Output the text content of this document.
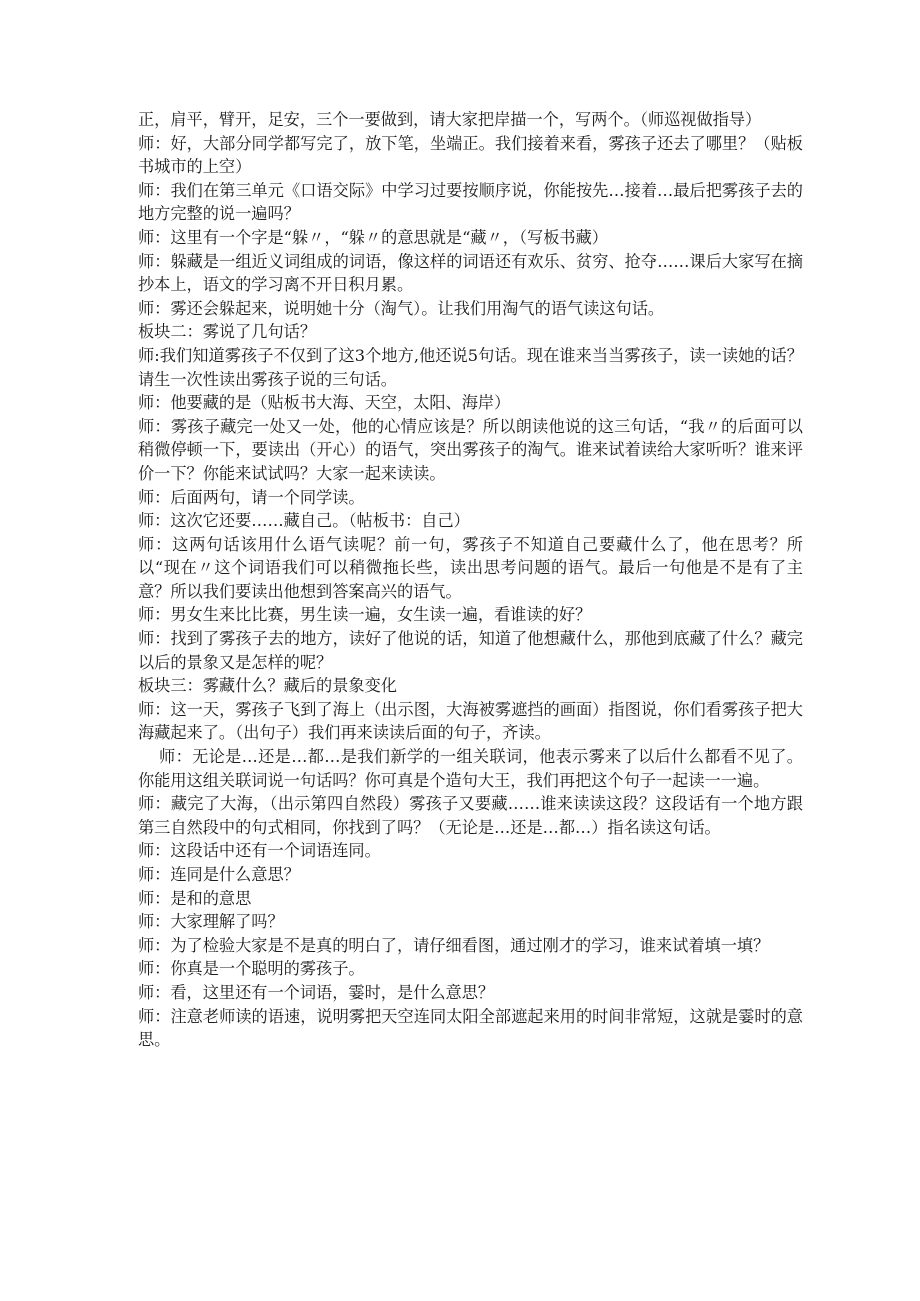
正，肩平，臂开，足安，三个一要做到，请大家把岸描一个，写两个。（师巡视做指导）

师：好，大部分同学都写完了，放下笔，坐端正。我们接着来看，雾孩子还去了哪里？（贴板书城市的上空）

师：我们在第三单元《口语交际》中学习过要按顺序说，你能按先…接着…最后把雾孩子去的地方完整的说一遍吗？

师：这里有一个字是“躲〃，“躲〃的意思就是“藏〃，（写板书藏）

师：躲藏是一组近义词组成的词语，像这样的词语还有欢乐、贫穷、抢夺……课后大家写在摘抄本上，语文的学习离不开日积月累。

师：雾还会躲起来，说明她十分（淘气）。让我们用淘气的语气读这句话。

板块二：雾说了几句话？

师:我们知道雾孩子不仅到了这3个地方,他还说5句话。现在谁来当当雾孩子，读一读她的话？请生一次性读出雾孩子说的三句话。

师：他要藏的是（贴板书大海、天空，太阳、海岸）

师：雾孩子藏完一处又一处，他的心情应该是？所以朗读他说的这三句话，“我〃的后面可以稍微停顿一下，要读出（开心）的语气，突出雾孩子的淘气。谁来试着读给大家听听？谁来评价一下？你能来试试吗？大家一起来读读。

师：后面两句，请一个同学读。

师：这次它还要……藏自己。（帖板书：自己）

师：这两句话该用什么语气读呢？前一句，雾孩子不知道自己要藏什么了，他在思考？所以“现在〃这个词语我们可以稍微拖长些，读出思考问题的语气。最后一句他是不是有了主意？所以我们要读出他想到答案高兴的语气。

师：男女生来比比赛，男生读一遍，女生读一遍，看谁读的好？

师：找到了雾孩子去的地方，读好了他说的话，知道了他想藏什么，那他到底藏了什么？藏完以后的景象又是怎样的呢？

板块三：雾藏什么？藏后的景象变化

师：这一天，雾孩子飞到了海上（出示图，大海被雾遮挡的画面）指图说，你们看雾孩子把大海藏起来了。（出句子）我们再来读读后面的句子，齐读。

师：无论是…还是…都…是我们新学的一组关联词，他表示雾来了以后什么都看不见了。你能用这组关联词说一句话吗？你可真是个造句大王，我们再把这个句子一起读一一遍。

师：藏完了大海，（出示第四自然段）雾孩子又要藏……谁来读读这段？这段话有一个地方跟第三自然段中的句式相同，你找到了吗？（无论是…还是…都…）指名读这句话。

师：这段话中还有一个词语连同。

师：连同是什么意思？

师：是和的意思

师：大家理解了吗？

师：为了检验大家是不是真的明白了，请仔细看图，通过刚才的学习，谁来试着填一填？

师：你真是一个聪明的雾孩子。

师：看，这里还有一个词语，霎时，是什么意思？

师：注意老师读的语速，说明雾把天空连同太阳全部遮起来用的时间非常短，这就是霎时的意思。
